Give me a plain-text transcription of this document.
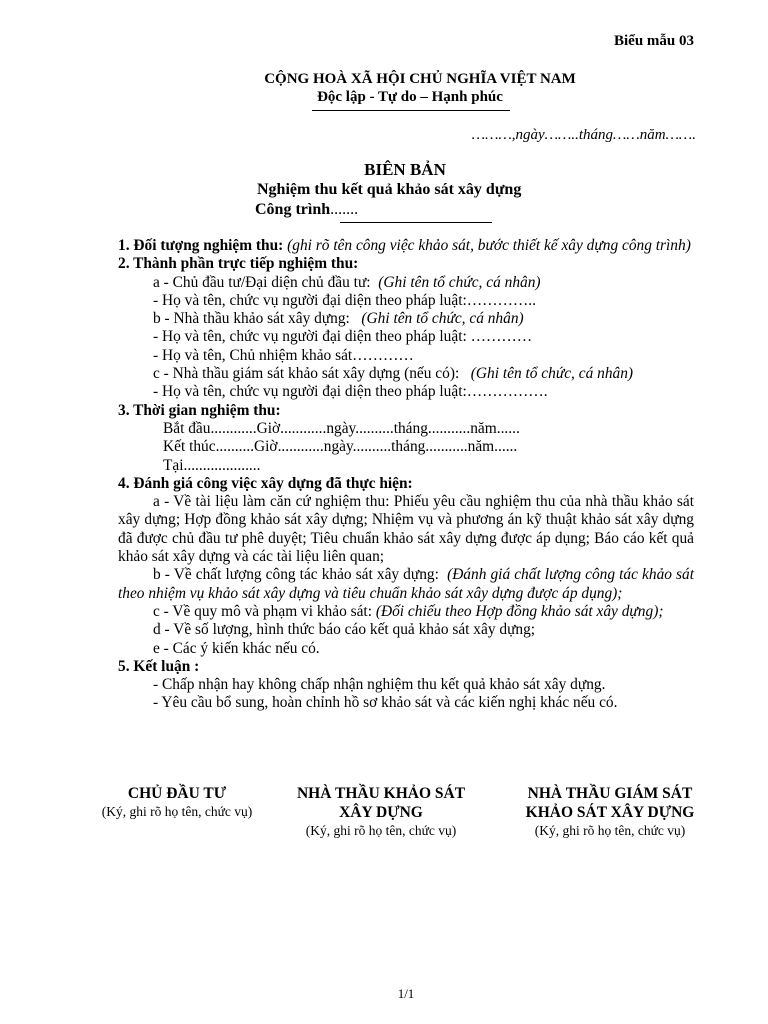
Biểu mẫu 03
CỘNG HOÀ XÃ HỘI CHỦ NGHĨA VIỆT NAM
Độc lập - Tự do – Hạnh phúc
………,ngày……..tháng……năm…….
BIÊN BẢN
Nghiệm thu kết quả khảo sát xây dựng
Công trình.......

1. Đối tượng nghiệm thu: (ghi rõ tên công việc khảo sát, bước thiết kế xây dựng công trình)

2. Thành phần trực tiếp nghiệm thu:

a - Chủ đầu tư/Đại diện chủ đầu tư: (Ghi tên tổ chức, cá nhân)

- Họ và tên, chức vụ người đại diện theo pháp luật:…………..

b - Nhà thầu khảo sát xây dựng: (Ghi tên tổ chức, cá nhân)

- Họ và tên, chức vụ người đại diện theo pháp luật: …………

- Họ và tên, Chủ nhiệm khảo sát…………

c - Nhà thầu giám sát khảo sát xây dựng (nếu có): (Ghi tên tổ chức, cá nhân)

- Họ và tên, chức vụ người đại diện theo pháp luật:…………….

3. Thời gian nghiệm thu:

Bắt đầu............Giờ............ngày..........tháng...........năm......

Kết thúc..........Giờ............ngày..........tháng...........năm......

Tại....................

4. Đánh giá công việc xây dựng đã thực hiện:

a - Về tài liệu làm căn cứ nghiệm thu: Phiếu yêu cầu nghiệm thu của nhà thầu khảo sát xây dựng; Hợp đồng khảo sát xây dựng; Nhiệm vụ và phương án kỹ thuật khảo sát xây dựng đã được chủ đầu tư phê duyệt; Tiêu chuẩn khảo sát xây dựng được áp dụng; Báo cáo kết quả khảo sát xây dựng và các tài liệu liên quan;

b - Về chất lượng công tác khảo sát xây dựng: (Đánh giá chất lượng công tác khảo sát theo nhiệm vụ khảo sát xây dựng và tiêu chuẩn khảo sát xây dựng được áp dụng);

c - Về quy mô và phạm vi khảo sát: (Đối chiếu theo Hợp đồng khảo sát xây dựng);

d - Về số lượng, hình thức báo cáo kết quả khảo sát xây dựng;

e - Các ý kiến khác nếu có.

5. Kết luận :

- Chấp nhận hay không chấp nhận nghiệm thu kết quả khảo sát xây dựng.

- Yêu cầu bổ sung, hoàn chỉnh hồ sơ khảo sát và các kiến nghị khác nếu có.

CHỦ ĐẦU TƯ
(Ký, ghi rõ họ tên, chức vụ)
NHÀ THẦU KHẢO SÁT
XÂY DỰNG
(Ký, ghi rõ họ tên, chức vụ)
NHÀ THẦU GIÁM SÁT
KHẢO SÁT XÂY DỰNG
(Ký, ghi rõ họ tên, chức vụ)
1/1
